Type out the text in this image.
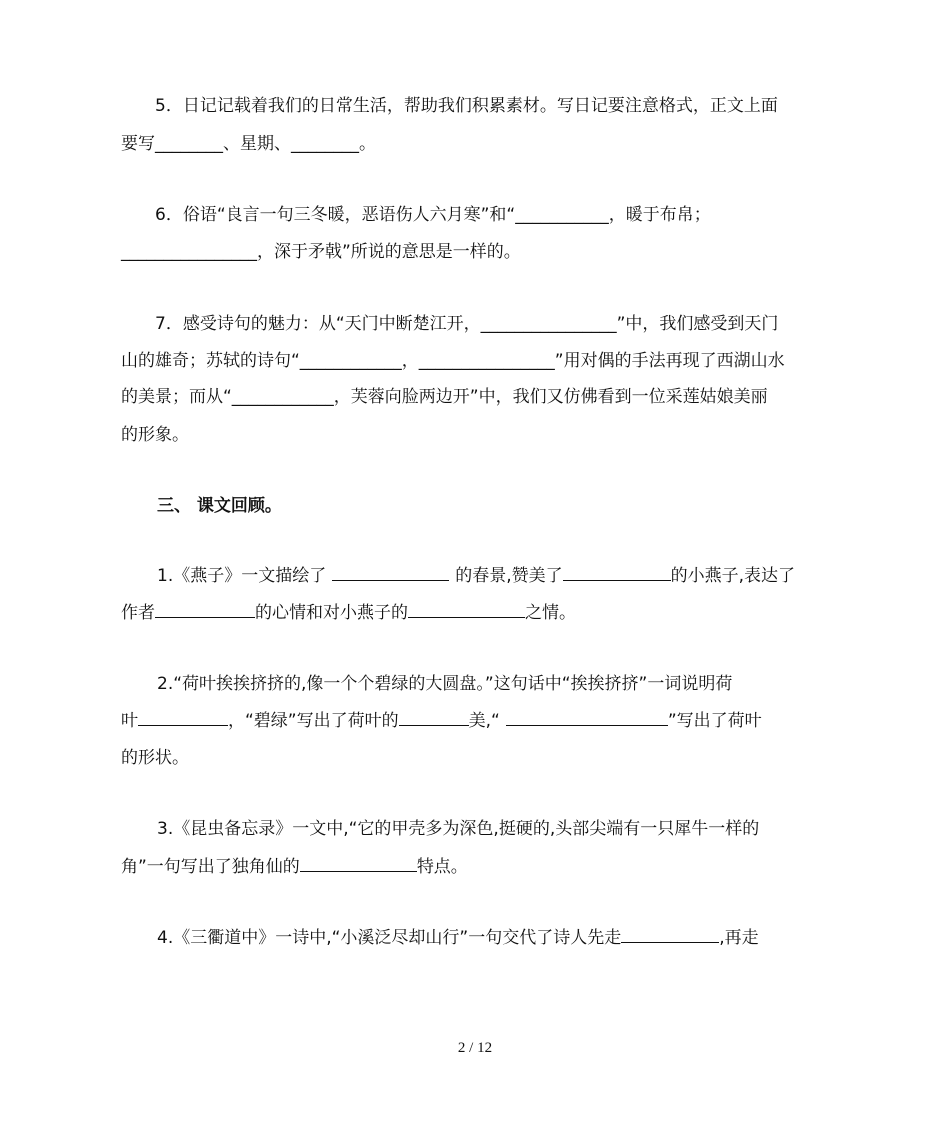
5．日记记载着我们的日常生活，帮助我们积累素材。写日记要注意格式，正文上面
要写________、星期、________。
6．俗语“良言一句三冬暖，恶语伤人六月寒”和“___________，暖于布帛；
________________，深于矛戟”所说的意思是一样的。
7．感受诗句的魅力：从“天门中断楚江开，________________”中，我们感受到天门
山的雄奇；苏轼的诗句“____________，________________”用对偶的手法再现了西湖山水
的美景；而从“____________，芙蓉向脸两边开”中，我们又仿佛看到一位采莲姑娘美丽
的形象。
三、 课文回顾。
1.《燕子》一文描绘了	的春景,赞美了	的小燕子,表达了
作者	的心情和对小燕子的	之情。
2.“荷叶挨挨挤挤的,像一个个碧绿的大圆盘。”这句话中“挨挨挤挤”一词说明荷
叶	，“碧绿”写出了荷叶的	美,“	”写出了荷叶
的形状。
3.《昆虫备忘录》一文中,“它的甲壳多为深色,挺硬的,头部尖端有一只犀牛一样的
角”一句写出了独角仙的	特点。
4.《三衢道中》一诗中,“小溪泛尽却山行”一句交代了诗人先走	,再走
2 / 12
